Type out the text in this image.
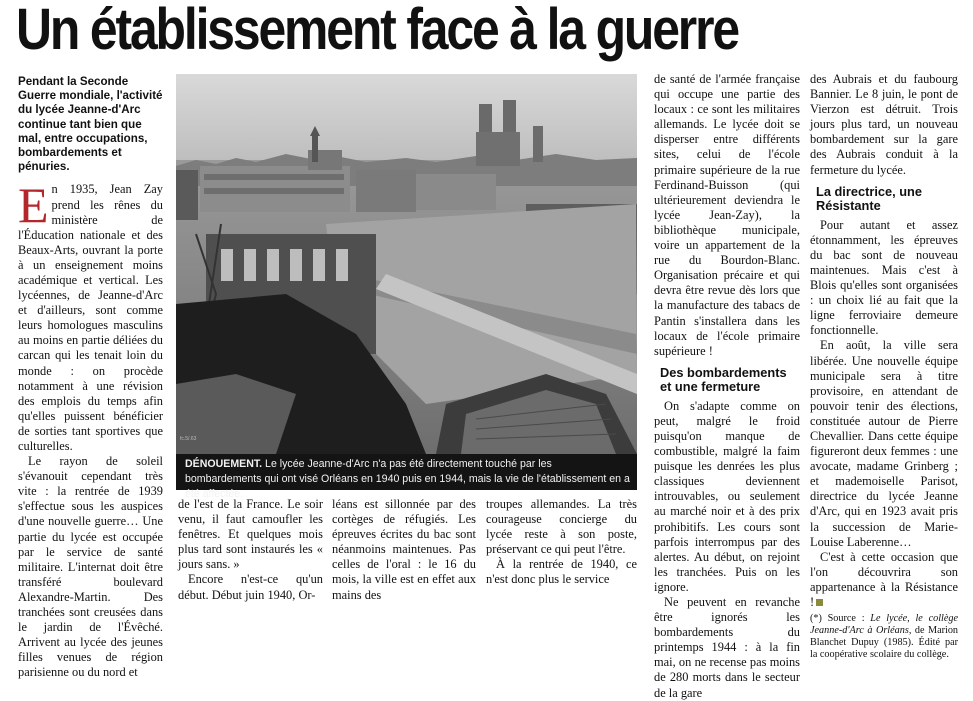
Un établissement face à la guerre
Pendant la Seconde Guerre mondiale, l'activité du lycée Jeanne-d'Arc continue tant bien que mal, entre occupations, bombardements et pénuries.

En 1935, Jean Zay prend les rênes du ministère de l'Éducation nationale et des Beaux-Arts, ouvrant la porte à un enseignement moins académique et vertical. Les lycéennes, de Jeanne-d'Arc et d'ailleurs, sont comme leurs homologues masculins au moins en partie déliées du carcan qui les tenait loin du monde : on procède notamment à une révision des emplois du temps afin qu'elles puissent bénéficier de sorties tant sportives que culturelles.

Le rayon de soleil s'évanouit cependant très vite : la rentrée de 1939 s'effectue sous les auspices d'une nouvelle guerre… Une partie du lycée est occupée par le service de santé militaire. L'internat doit être transféré boulevard Alexandre-Martin. Des tranchées sont creusées dans le jardin de l'Évêché. Arrivent au lycée des jeunes filles venues de région parisienne ou du nord et

fc.5/.63
DÉNOUEMENT. Le lycée Jeanne-d'Arc n'a pas été directement touché par les bombardements qui ont visé Orléans en 1940 puis en 1944, mais la vie de l'établissement en a été affectée.

de l'est de la France. Le soir venu, il faut camoufler les fenêtres. Et quelques mois plus tard sont instaurés les « jours sans. »

Encore n'est-ce qu'un début. Début juin 1940, Or-

léans est sillonnée par des cortèges de réfugiés. Les épreuves écrites du bac sont néanmoins maintenues. Pas celles de l'oral : le 16 du mois, la ville est en effet aux mains des

troupes allemandes. La très courageuse concierge du lycée reste à son poste, préservant ce qui peut l'être.

À la rentrée de 1940, ce n'est donc plus le service

de santé de l'armée française qui occupe une partie des locaux : ce sont les militaires allemands. Le lycée doit se disperser entre différents sites, celui de l'école primaire supérieure de la rue Ferdinand-Buisson (qui ultérieurement deviendra le lycée Jean-Zay), la bibliothèque municipale, voire un appartement de la rue du Bourdon-Blanc. Organisation précaire et qui devra être revue dès lors que la manufacture des tabacs de Pantin s'installera dans les locaux de l'école primaire supérieure !

Des bombardements et une fermeture

On s'adapte comme on peut, malgré le froid puisqu'on manque de combustible, malgré la faim puisque les denrées les plus classiques deviennent introuvables, ou seulement au marché noir et à des prix prohibitifs. Les cours sont parfois interrompus par des alertes. Au début, on rejoint les tranchées. Puis on les ignore.

Ne peuvent en revanche être ignorés les bombardements du printemps 1944 : à la fin mai, on ne recense pas moins de 280 morts dans le secteur de la gare

des Aubrais et du faubourg Bannier. Le 8 juin, le pont de Vierzon est détruit. Trois jours plus tard, un nouveau bombardement sur la gare des Aubrais conduit à la fermeture du lycée.

La directrice, une Résistante

Pour autant et assez étonnamment, les épreuves du bac sont de nouveau maintenues. Mais c'est à Blois qu'elles sont organisées : un choix lié au fait que la ligne ferroviaire demeure fonctionnelle.

En août, la ville sera libérée. Une nouvelle équipe municipale sera à titre provisoire, en attendant de pouvoir tenir des élections, constituée autour de Pierre Chevallier. Dans cette équipe figureront deux femmes : une avocate, madame Grinberg ; et mademoiselle Parisot, directrice du lycée Jeanne d'Arc, qui en 1923 avait pris la succession de Marie-Louise Laberenne…

C'est à cette occasion que l'on découvrira son appartenance à la Résistance !

(*) Source : Le lycée, le collège Jeanne-d'Arc à Orléans, de Marion Blanchet Dupuy (1985). Édité par la coopérative scolaire du collège.
